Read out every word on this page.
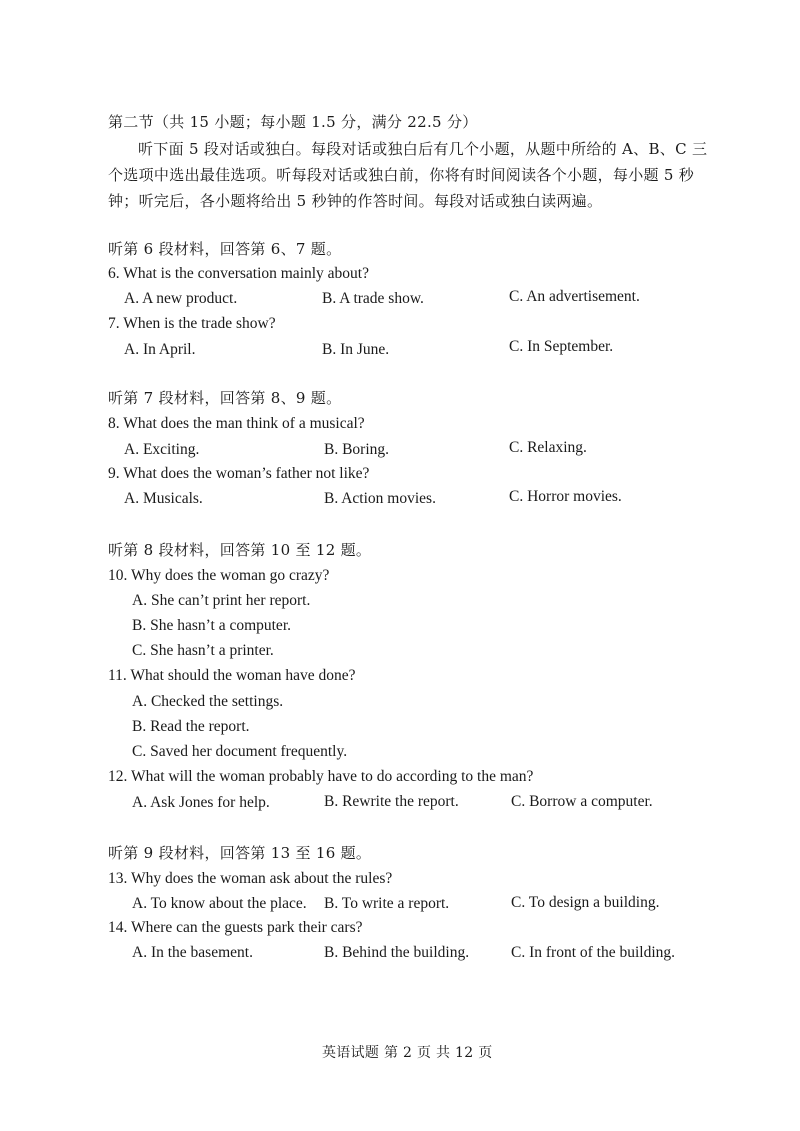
第二节（共 15 小题；每小题 1.5 分，满分 22.5 分）
听下面 5 段对话或独白。每段对话或独白后有几个小题，从题中所给的 A、B、C 三
个选项中选出最佳选项。听每段对话或独白前，你将有时间阅读各个小题，每小题 5 秒
钟；听完后，各小题将给出 5 秒钟的作答时间。每段对话或独白读两遍。
听第 6 段材料，回答第 6、7 题。
6. What is the conversation mainly about?
A. A new product.	B. A trade show.	C. An advertisement.
7. When is the trade show?
A. In April.	B. In June.	C. In September.
听第 7 段材料，回答第 8、9 题。
8. What does the man think of a musical?
A. Exciting.	B. Boring.	C. Relaxing.
9. What does the woman’s father not like?
A. Musicals.	B. Action movies.	C. Horror movies.
听第 8 段材料，回答第 10 至 12 题。
10. Why does the woman go crazy?
A. She can’t print her report.
B. She hasn’t a computer.
C. She hasn’t a printer.
11. What should the woman have done?
A. Checked the settings.
B. Read the report.
C. Saved her document frequently.
12. What will the woman probably have to do according to the man?
A. Ask Jones for help.	B. Rewrite the report.	C. Borrow a computer.
听第 9 段材料，回答第 13 至 16 题。
13. Why does the woman ask about the rules?
A. To know about the place. B. To write a report.	C. To design a building.
14. Where can the guests park their cars?
A. In the basement.	B. Behind the building.	C. In front of the building.
英语试题 第 2 页 共 12 页
